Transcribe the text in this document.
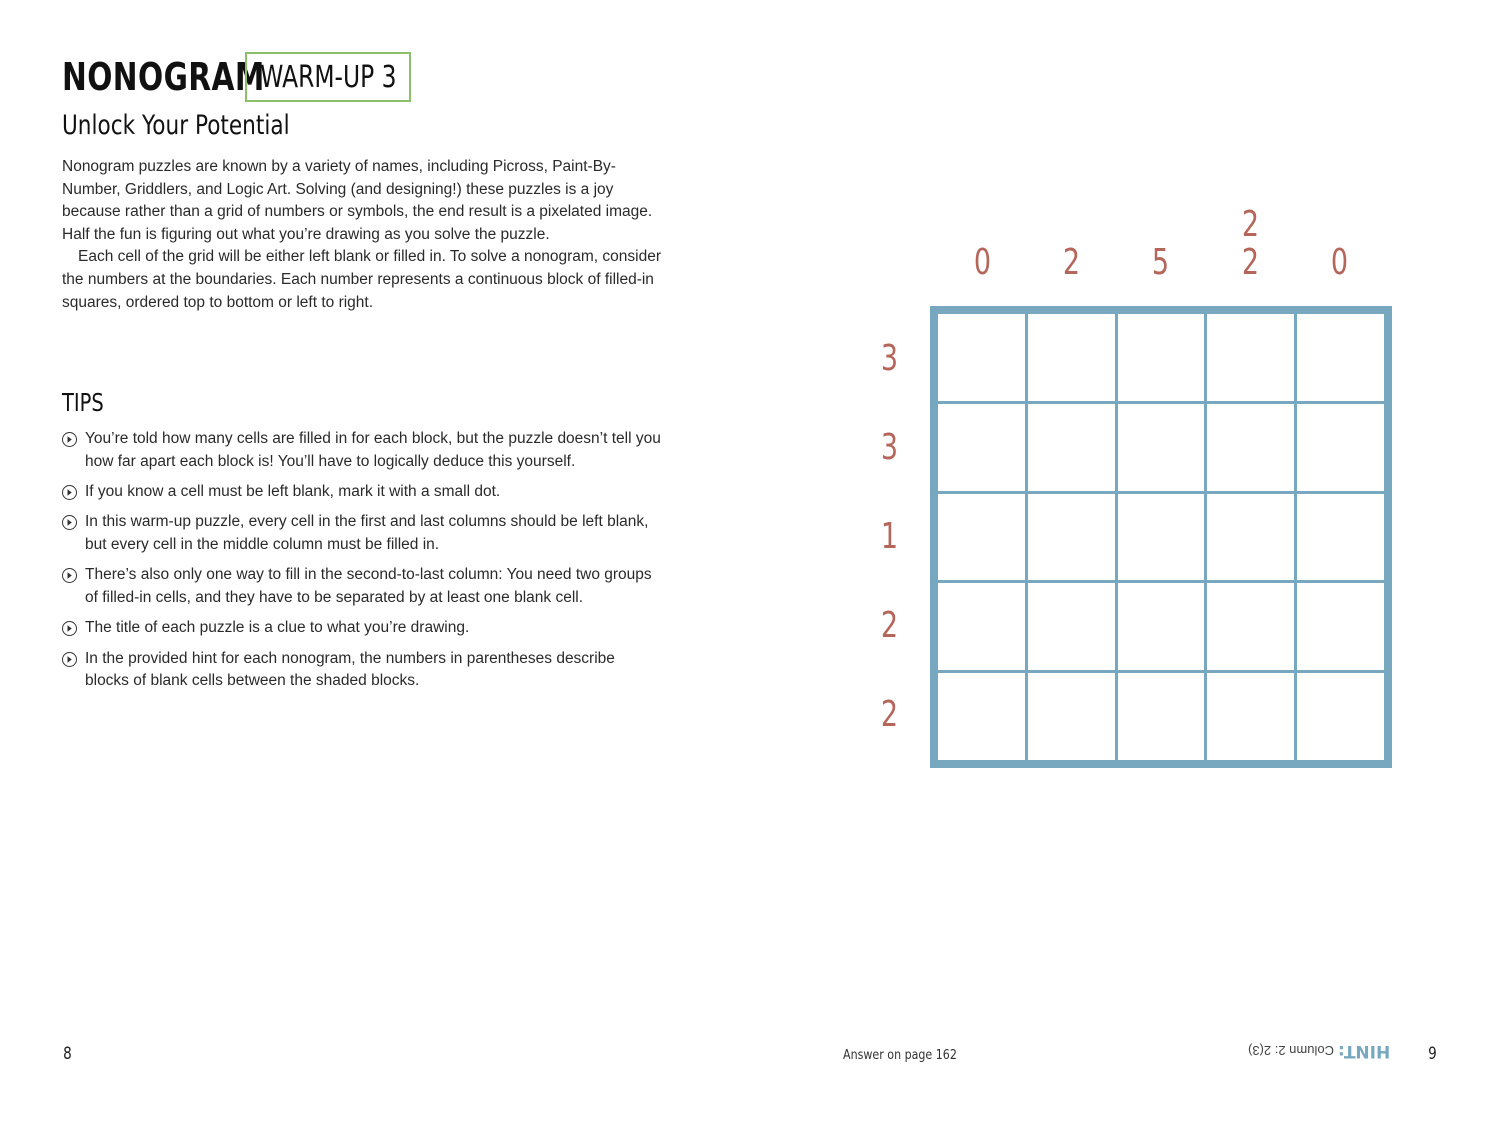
NONOGRAM
WARM-UP 3
Unlock Your Potential

Nonogram puzzles are known by a variety of names, including Picross, Paint-By-Number, Griddlers, and Logic Art. Solving (and designing!) these puzzles is a joy because rather than a grid of numbers or symbols, the end result is a pixelated image. Half the fun is figuring out what you’re drawing as you solve the puzzle.

Each cell of the grid will be either left blank or filled in. To solve a nonogram, consider the numbers at the boundaries. Each number represents a continuous block of filled-in squares, ordered top to bottom or left to right.

TIPS
You’re told how many cells are filled in for each block, but the puzzle doesn’t tell you how far apart each block is! You’ll have to logically deduce this yourself.
If you know a cell must be left blank, mark it with a small dot.
In this warm-up puzzle, every cell in the first and last columns should be left blank, but every cell in the middle column must be filled in.
There’s also only one way to fill in the second-to-last column: You need two groups of filled-in cells, and they have to be separated by at least one blank cell.
The title of each puzzle is a clue to what you’re drawing.
In the provided hint for each nonogram, the numbers in parentheses describe blocks of blank cells between the shaded blocks.
0 2 5
2
2 0
3
3
1
2
2
8	Answer on page 162	HINT:
Column 2: 2(3)	9
